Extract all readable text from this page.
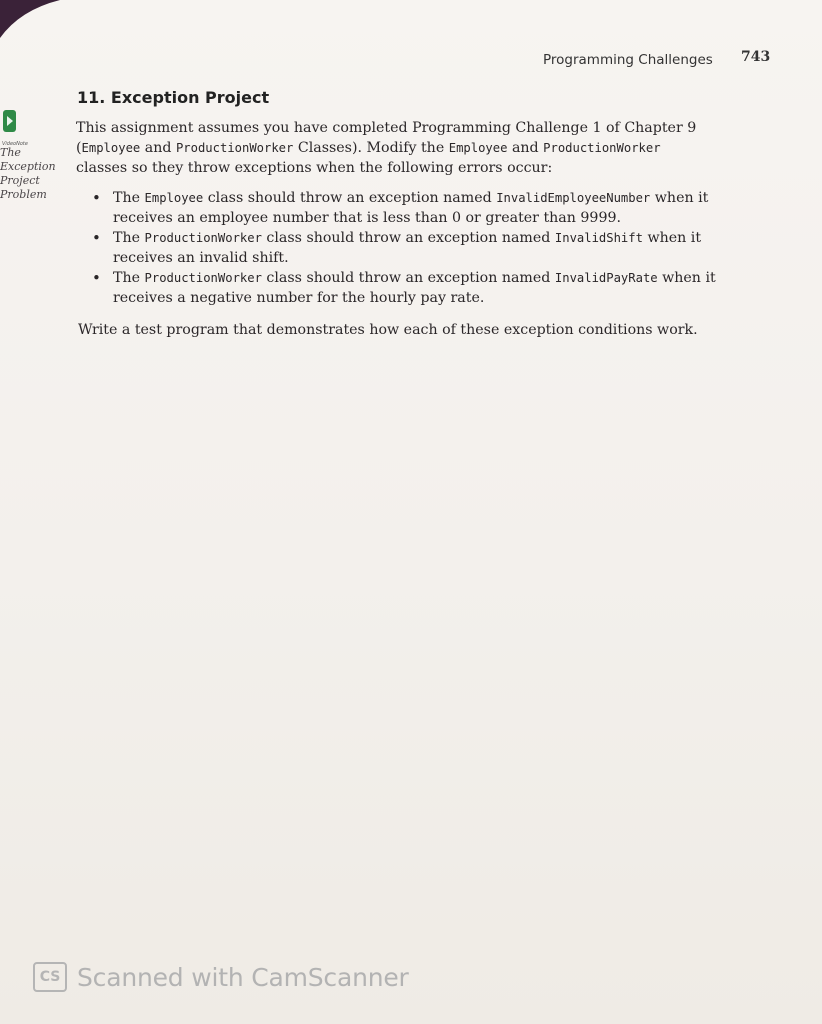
Programming Challenges 743
VideoNote
The Exception
Project Problem
11. Exception Project
This assignment assumes you have completed Programming Challenge 1 of Chapter 9 (Employee and ProductionWorker Classes). Modify the Employee and ProductionWorker classes so they throw exceptions when the following errors occur:
• The Employee class should throw an exception named InvalidEmployeeNumber when it receives an employee number that is less than 0 or greater than 9999.
• The ProductionWorker class should throw an exception named InvalidShift when it receives an invalid shift.
• The ProductionWorker class should throw an exception named InvalidPayRate when it receives a negative number for the hourly pay rate.
Write a test program that demonstrates how each of these exception conditions work.
CS Scanned with CamScanner
